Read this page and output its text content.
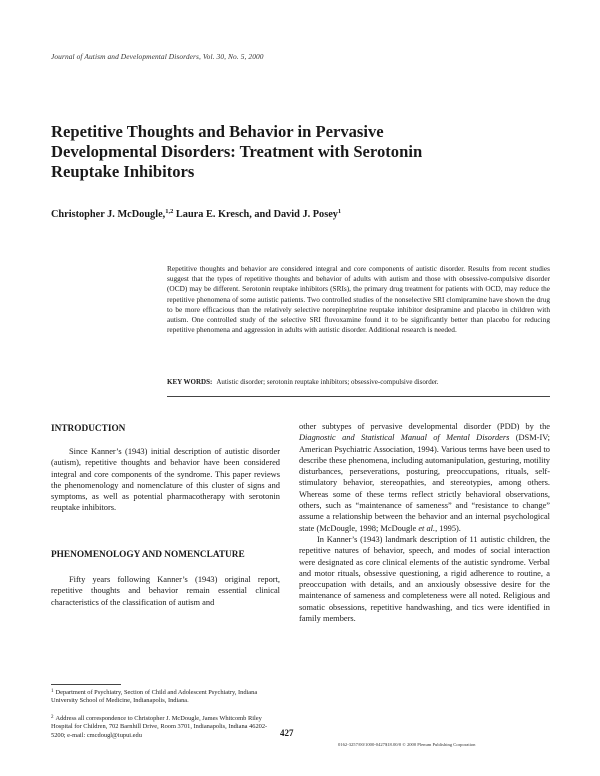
Journal of Autism and Developmental Disorders, Vol. 30, No. 5, 2000
Repetitive Thoughts and Behavior in Pervasive Developmental Disorders: Treatment with Serotonin Reuptake Inhibitors
Christopher J. McDougle,$^{1,2}$ Laura E. Kresch, and David J. Posey$^1$
Repetitive thoughts and behavior are considered integral and core components of autistic disorder. Results from recent studies suggest that the types of repetitive thoughts and behavior of adults with autism and those with obsessive-compulsive disorder (OCD) may be different. Serotonin reuptake inhibitors (SRIs), the primary drug treatment for patients with OCD, may reduce the repetitive phenomena of some autistic patients. Two controlled studies of the nonselective SRI clomipramine have shown the drug to be more efficacious than the relatively selective norepinephrine reuptake inhibitor desipramine and placebo in children with autism. One controlled study of the selective SRI fluvoxamine found it to be significantly better than placebo for reducing repetitive phenomena and aggression in adults with autistic disorder. Additional research is needed.
KEY WORDS: Autistic disorder; serotonin reuptake inhibitors; obsessive-compulsive disorder.
INTRODUCTION

Since Kanner’s (1943) initial description of autistic disorder (autism), repetitive thoughts and behavior have been considered integral and core components of the syndrome. This paper reviews the phenomenology and nomenclature of this cluster of signs and symptoms, as well as potential pharmacotherapy with serotonin reuptake inhibitors.

PHENOMENOLOGY AND NOMENCLATURE

Fifty years following Kanner’s (1943) original report, repetitive thoughts and behavior remain essential clinical characteristics of the classification of autism and

$^1$ Department of Psychiatry, Section of Child and Adolescent Psychiatry, Indiana University School of Medicine, Indianapolis, Indiana.
$^2$ Address all correspondence to Christopher J. McDougle, James Whitcomb Riley Hospital for Children, 702 Barnhill Drive, Room 3701, Indianapolis, Indiana 46202-5200; e-mail: cmcdougl@iupui.edu

other subtypes of pervasive developmental disorder (PDD) by the Diagnostic and Statistical Manual of Mental Disorders (DSM-IV; American Psychiatric Association, 1994). Various terms have been used to describe these phenomena, including automanipulation, gesturing, motility disturbances, perseverations, posturing, preoccupations, rituals, self-stimulatory behavior, stereopathies, and stereotypies, among others. Whereas some of these terms reflect strictly behavioral observations, others, such as “maintenance of sameness” and “resistance to change” assume a relationship between the behavior and an internal psychological state (McDougle, 1998; McDougle et al., 1995).

In Kanner’s (1943) landmark description of 11 autistic children, the repetitive natures of behavior, speech, and modes of social interaction were designated as core clinical elements of the autistic syndrome. Verbal and motor rituals, obsessive questioning, a rigid adherence to routine, a preoccupation with details, and an anxiously obsessive desire for the maintenance of sameness and completeness were all noted. Religious and somatic obsessions, repetitive handwashing, and tics were identified in family members.

427
0162-3257/00/1000-0427$18.00/0 © 2000 Plenum Publishing Corporation
